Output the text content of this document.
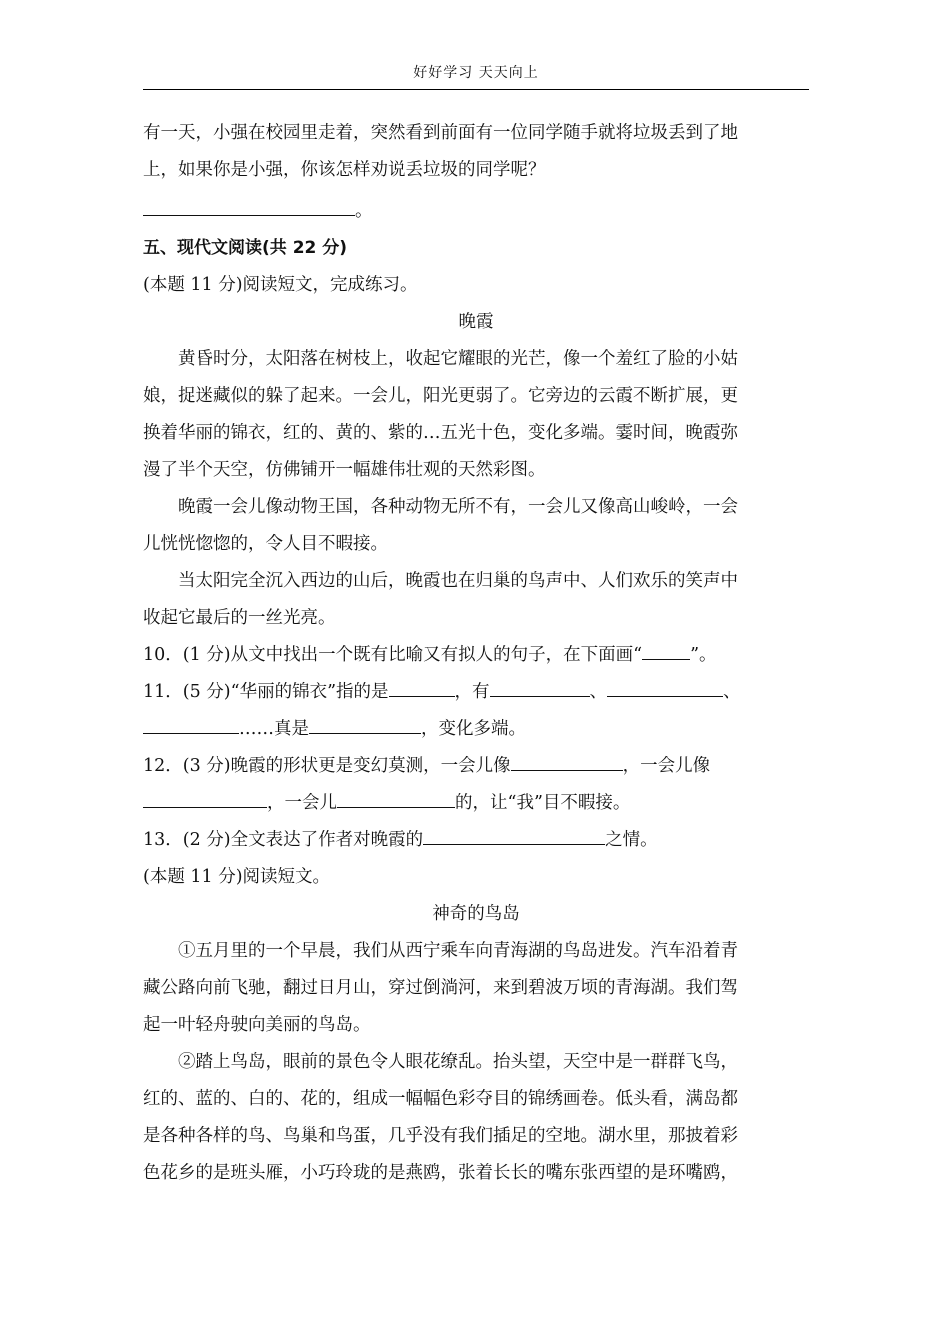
好好学习 天天向上
有一天，小强在校园里走着，突然看到前面有一位同学随手就将垃圾丢到了地
上，如果你是小强，你该怎样劝说丢垃圾的同学呢？
。
五、现代文阅读(共 22 分)
(本题 11 分)阅读短文，完成练习。
晚霞
黄昏时分，太阳落在树枝上，收起它耀眼的光芒，像一个羞红了脸的小姑
娘，捉迷藏似的躲了起来。一会儿，阳光更弱了。它旁边的云霞不断扩展，更
换着华丽的锦衣，红的、黄的、紫的…五光十色，变化多端。霎时间，晚霞弥
漫了半个天空，仿佛铺开一幅雄伟壮观的天然彩图。
晚霞一会儿像动物王国，各种动物无所不有，一会儿又像高山峻岭，一会
儿恍恍惚惚的，令人目不暇接。
当太阳完全沉入西边的山后，晚霞也在归巢的鸟声中、人们欢乐的笑声中
收起它最后的一丝光亮。
10．(1 分)从文中找出一个既有比喻又有拟人的句子，在下面画“	”。
11．(5 分)“华丽的锦衣”指的是	，有	、	、
……真是	，变化多端。
12．(3 分)晚霞的形状更是变幻莫测，一会儿像	，一会儿像
，一会儿	的，让“我”目不暇接。
13．(2 分)全文表达了作者对晚霞的	之情。
(本题 11 分)阅读短文。
神奇的鸟岛
①五月里的一个早晨，我们从西宁乘车向青海湖的鸟岛进发。汽车沿着青
藏公路向前飞驰，翻过日月山，穿过倒淌河，来到碧波万顷的青海湖。我们驾
起一叶轻舟驶向美丽的鸟岛。
②踏上鸟岛，眼前的景色令人眼花缭乱。抬头望，天空中是一群群飞鸟，
红的、蓝的、白的、花的，组成一幅幅色彩夺目的锦绣画卷。低头看，满岛都
是各种各样的鸟、鸟巢和鸟蛋，几乎没有我们插足的空地。湖水里，那披着彩
色花乡的是班头雁，小巧玲珑的是燕鸥，张着长长的嘴东张西望的是环嘴鸥，
